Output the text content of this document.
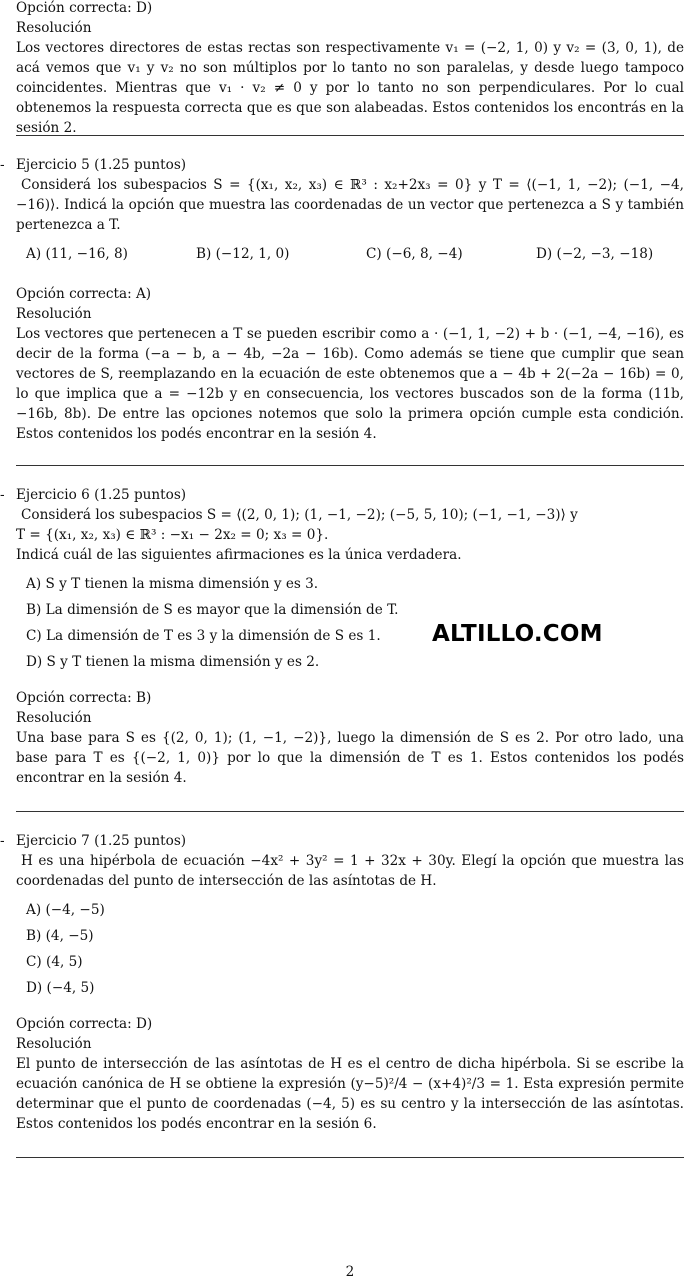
Opción correcta: D)

Resolución

Los vectores directores de estas rectas son respectivamente v₁ = (−2, 1, 0) y v₂ = (3, 0, 1), de acá vemos que v₁ y v₂ no son múltiplos por lo tanto no son paralelas, y desde luego tampoco coincidentes. Mientras que v₁ · v₂ ≠ 0 y por lo tanto no son perpendiculares. Por lo cual obtenemos la respuesta correcta que es que son alabeadas. Estos contenidos los encontrás en la sesión 2.

- Ejercicio 5 (1.25 puntos)

Considerá los subespacios S = {(x₁, x₂, x₃) ∈ ℝ³ : x₂+2x₃ = 0} y T = ⟨(−1, 1, −2); (−1, −4, −16)⟩. Indicá la opción que muestra las coordenadas de un vector que pertenezca a S y también pertenezca a T.

A) (11, −16, 8)	B) (−12, 1, 0)	C) (−6, 8, −4)	D) (−2, −3, −18)

Opción correcta: A)

Resolución

Los vectores que pertenecen a T se pueden escribir como a · (−1, 1, −2) + b · (−1, −4, −16), es decir de la forma (−a − b, a − 4b, −2a − 16b). Como además se tiene que cumplir que sean vectores de S, reemplazando en la ecuación de este obtenemos que a − 4b + 2(−2a − 16b) = 0, lo que implica que a = −12b y en consecuencia, los vectores buscados son de la forma (11b, −16b, 8b). De entre las opciones notemos que solo la primera opción cumple esta condición. Estos contenidos los podés encontrar en la sesión 4.

- Ejercicio 6 (1.25 puntos)

Considerá los subespacios S = ⟨(2, 0, 1); (1, −1, −2); (−5, 5, 10); (−1, −1, −3)⟩ y

T = {(x₁, x₂, x₃) ∈ ℝ³ : −x₁ − 2x₂ = 0; x₃ = 0}.

Indicá cuál de las siguientes afirmaciones es la única verdadera.

A) S y T tienen la misma dimensión y es 3.

B) La dimensión de S es mayor que la dimensión de T.

C) La dimensión de T es 3 y la dimensión de S es 1.

D) S y T tienen la misma dimensión y es 2.

Opción correcta: B)

Resolución

Una base para S es {(2, 0, 1); (1, −1, −2)}, luego la dimensión de S es 2. Por otro lado, una base para T es {(−2, 1, 0)} por lo que la dimensión de T es 1. Estos contenidos los podés encontrar en la sesión 4.

- Ejercicio 7 (1.25 puntos)

H es una hipérbola de ecuación −4x² + 3y² = 1 + 32x + 30y. Elegí la opción que muestra las coordenadas del punto de intersección de las asíntotas de H.

A) (−4, −5)

B) (4, −5)

C) (4, 5)

D) (−4, 5)

Opción correcta: D)

Resolución

El punto de intersección de las asíntotas de H es el centro de dicha hipérbola. Si se escribe la ecuación canónica de H se obtiene la expresión (y−5)²/4 − (x+4)²/3 = 1. Esta expresión permite determinar que el punto de coordenadas (−4, 5) es su centro y la intersección de las asíntotas. Estos contenidos los podés encontrar en la sesión 6.

ALTILLO.COM
2
